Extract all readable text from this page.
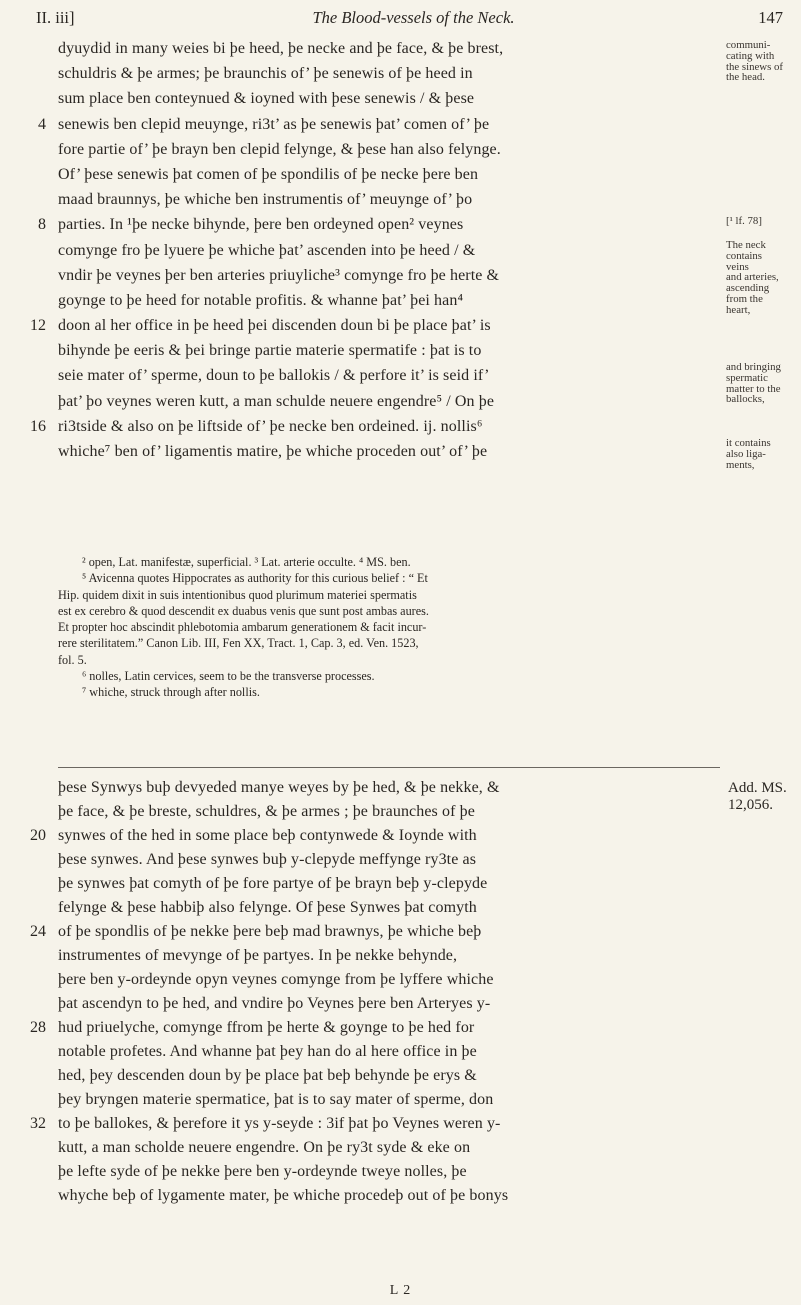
II. iii]	The Blood-vessels of the Neck.	147
dyuydid in many weies bi þe heed, þe necke and þe face, & þe brest,
schuldris & þe armes; þe braunchis of’ þe senewis of þe heed in
sum place ben conteynued & ioyned with þese senewis / & þese
4 senewis ben clepid meuynge, ri3t’ as þe senewis þat’ comen of’ þe
fore partie of’ þe brayn ben clepid felynge, & þese han also felynge.
Of’ þese senewis þat comen of þe spondilis of þe necke þere ben
maad braunnys, þe whiche ben instrumentis of’ meuynge of’ þo
8 parties. In ¹þe necke bihynde, þere ben ordeyned open² veynes
comynge fro þe lyuere þe whiche þat’ ascenden into þe heed / &
vndir þe veynes þer ben arteries priuyliche³ comynge fro þe herte &
goynge to þe heed for notable profitis. & whanne þat’ þei han⁴
12 doon al her office in þe heed þei discenden doun bi þe place þat’ is
bihynde þe eeris & þei bringe partie materie spermatife : þat is to
seie mater of’ sperme, doun to þe ballokis / & perfore it’ is seid if’
þat’ þo veynes weren kutt, a man schulde neuere engendre⁵ / On þe
16 ri3tside & also on þe liftside of’ þe necke ben ordeined. ij. nollis⁶
whiche⁷ ben of’ ligamentis matire, þe whiche proceden out’ of’ þe
² open, Lat. manifestæ, superficial. ³ Lat. arterie occulte. ⁴ MS. ben.
⁵ Avicenna quotes Hippocrates as authority for this curious belief : “ Et
Hip. quidem dixit in suis intentionibus quod plurimum materiei spermatis
est ex cerebro & quod descendit ex duabus venis que sunt post ambas aures.
Et propter hoc abscindit phlebotomia ambarum generationem & facit incur-
rere sterilitatem.” Canon Lib. III, Fen XX, Tract. 1, Cap. 3, ed. Ven. 1523,
fol. 5.
⁶ nolles, Latin cervices, seem to be the transverse processes.
⁷ whiche, struck through after nollis.
þese Synwys buþ devyeded manye weyes by þe hed, & þe nekke, &
þe face, & þe breste, schuldres, & þe armes ; þe braunches of þe
20 synwes of the hed in some place beþ contynwede & Ioynde with
þese synwes. And þese synwes buþ y-clepyde meffynge ry3te as
þe synwes þat comyth of þe fore partye of þe brayn beþ y-clepyde
felynge & þese habbiþ also felynge. Of þese Synwes þat comyth
24 of þe spondlis of þe nekke þere beþ mad brawnys, þe whiche beþ
instrumentes of mevynge of þe partyes. In þe nekke behynde,
þere ben y-ordeynde opyn veynes comynge from þe lyffere whiche
þat ascendyn to þe hed, and vndire þo Veynes þere ben Arteryes y-
28 hud priuelyche, comynge ffrom þe herte & goynge to þe hed for
notable profetes. And whanne þat þey han do al here office in þe
hed, þey descenden doun by þe place þat beþ behynde þe erys &
þey bryngen materie spermatice, þat is to say mater of sperme, don
32 to þe ballokes, & þerefore it ys y-seyde : 3if þat þo Veynes weren y-
kutt, a man scholde neuere engendre. On þe ry3t syde & eke on
þe lefte syde of þe nekke þere ben y-ordeynde tweye nolles, þe
whyche beþ of lygamente mater, þe whiche procedeþ out of þe bonys
communi-
cating with
the sinews of
the head.
[¹ lf. 78]
The neck
contains
veins
and arteries,
ascending
from the
heart,
and bringing
spermatic
matter to the
ballocks,
it contains
also liga-
ments,
Add. MS.
12,056.
L 2
